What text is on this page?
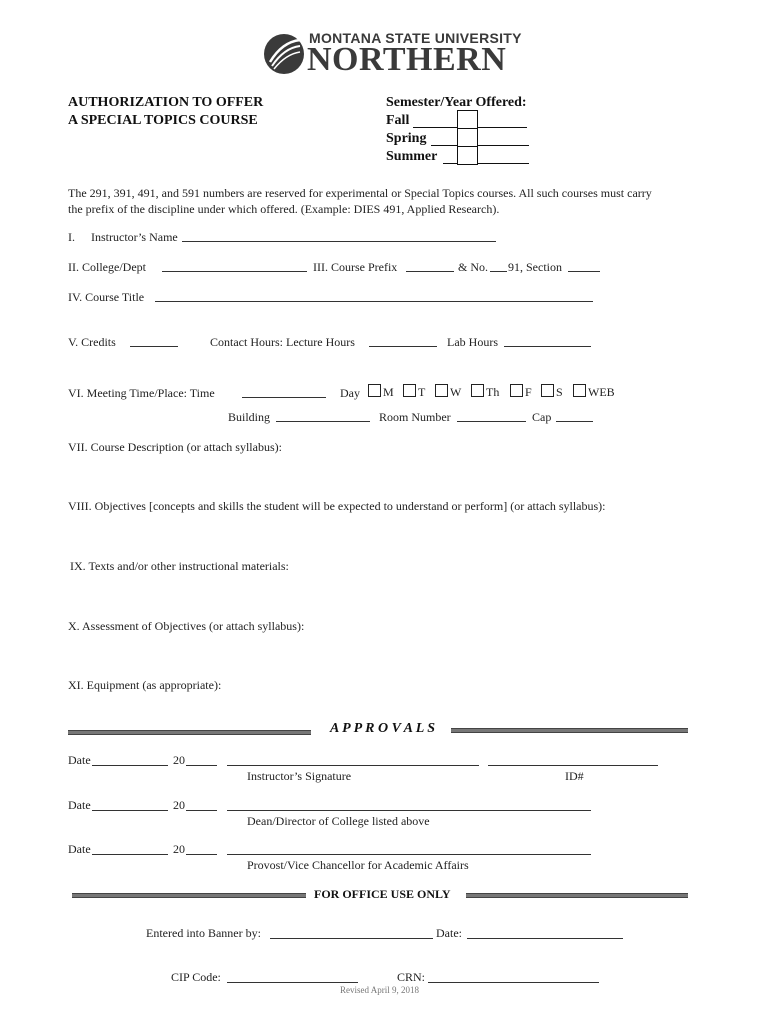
MONTANA STATE UNIVERSITY
NORTHERN
AUTHORIZATION TO OFFER
A SPECIAL TOPICS COURSE
Semester/Year Offered:
Fall
Spring
Summer
The 291, 391, 491, and 591 numbers are reserved for experimental or Special Topics courses. All such courses must carry
the prefix of the discipline under which offered. (Example: DIES 491, Applied Research).
I. Instructor’s Name
II. College/Dept	III. Course Prefix	& No. 91, Section
IV. Course Title
V. Credits	Contact Hours: Lecture Hours	Lab Hours
VI. Meeting Time/Place: Time	Day	M	T	W	Th	F	S	WEB
Building	Room Number	Cap
VII. Course Description (or attach syllabus):
VIII. Objectives [concepts and skills the student will be expected to understand or perform] (or attach syllabus):
IX. Texts and/or other instructional materials:
X. Assessment of Objectives (or attach syllabus):
XI. Equipment (as appropriate):
A P P R O V A L S
Date	20
Instructor’s Signature	ID#
Date	20
Dean/Director of College listed above
Date	20
Provost/Vice Chancellor for Academic Affairs
FOR OFFICE USE ONLY
Entered into Banner by:	Date:
CIP Code:	CRN:
Revised April 9, 2018
